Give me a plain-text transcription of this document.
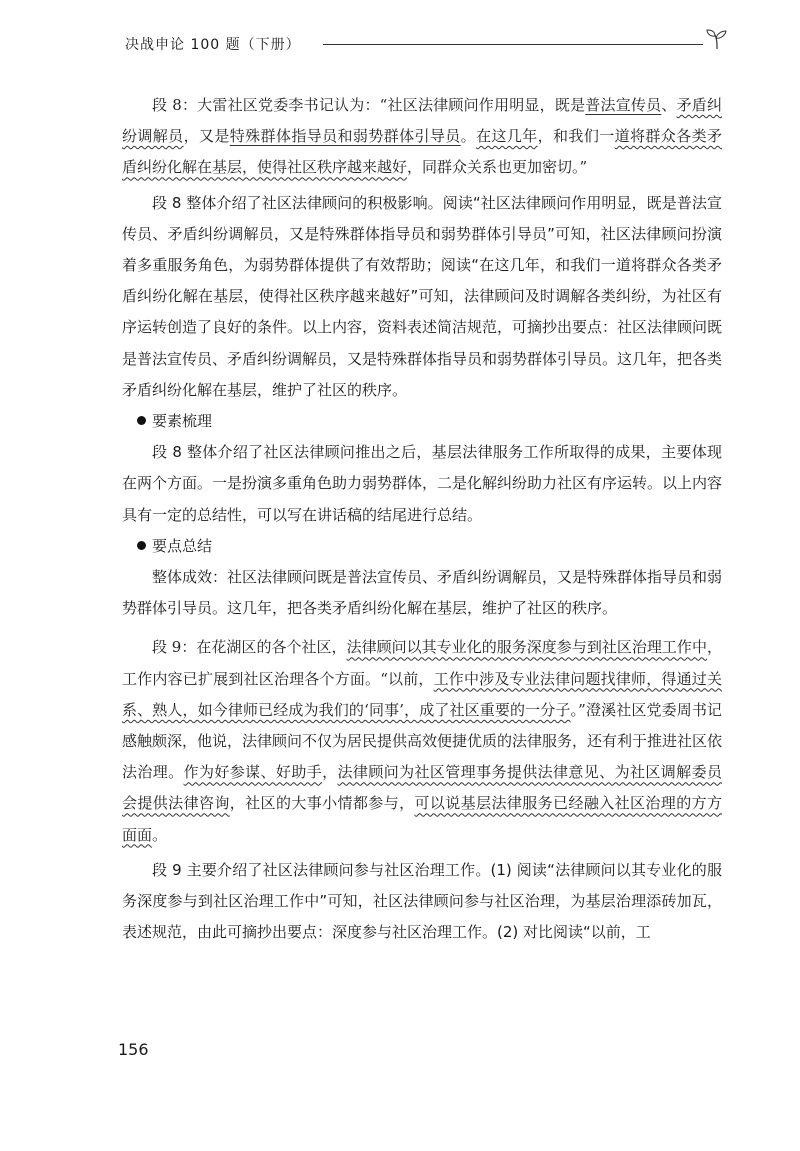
决战申论 100 题（下册）

段 8：大雷社区党委李书记认为：“社区法律顾问作用明显，既是普法宣传员、矛盾纠纷调解员，又是特殊群体指导员和弱势群体引导员。在这几年，和我们一道将群众各类矛盾纠纷化解在基层，使得社区秩序越来越好，同群众关系也更加密切。”

段 8 整体介绍了社区法律顾问的积极影响。阅读“社区法律顾问作用明显，既是普法宣传员、矛盾纠纷调解员，又是特殊群体指导员和弱势群体引导员”可知，社区法律顾问扮演着多重服务角色，为弱势群体提供了有效帮助；阅读“在这几年，和我们一道将群众各类矛盾纠纷化解在基层，使得社区秩序越来越好”可知，法律顾问及时调解各类纠纷，为社区有序运转创造了良好的条件。以上内容，资料表述简洁规范，可摘抄出要点：社区法律顾问既是普法宣传员、矛盾纠纷调解员，又是特殊群体指导员和弱势群体引导员。这几年，把各类矛盾纠纷化解在基层，维护了社区的秩序。

要素梳理

段 8 整体介绍了社区法律顾问推出之后，基层法律服务工作所取得的成果，主要体现在两个方面。一是扮演多重角色助力弱势群体，二是化解纠纷助力社区有序运转。以上内容具有一定的总结性，可以写在讲话稿的结尾进行总结。

要点总结

整体成效：社区法律顾问既是普法宣传员、矛盾纠纷调解员，又是特殊群体指导员和弱势群体引导员。这几年，把各类矛盾纠纷化解在基层，维护了社区的秩序。

段 9：在花湖区的各个社区，法律顾问以其专业化的服务深度参与到社区治理工作中，工作内容已扩展到社区治理各个方面。“以前，工作中涉及专业法律问题找律师，得通过关系、熟人，如今律师已经成为我们的‘同事’，成了社区重要的一分子。”澄溪社区党委周书记感触颇深，他说，法律顾问不仅为居民提供高效便捷优质的法律服务，还有利于推进社区依法治理。作为好参谋、好助手，法律顾问为社区管理事务提供法律意见、为社区调解委员会提供法律咨询，社区的大事小情都参与，可以说基层法律服务已经融入社区治理的方方面面。

段 9 主要介绍了社区法律顾问参与社区治理工作。(1) 阅读“法律顾问以其专业化的服务深度参与到社区治理工作中”可知，社区法律顾问参与社区治理，为基层治理添砖加瓦，表述规范，由此可摘抄出要点：深度参与社区治理工作。(2) 对比阅读“以前，工

156
